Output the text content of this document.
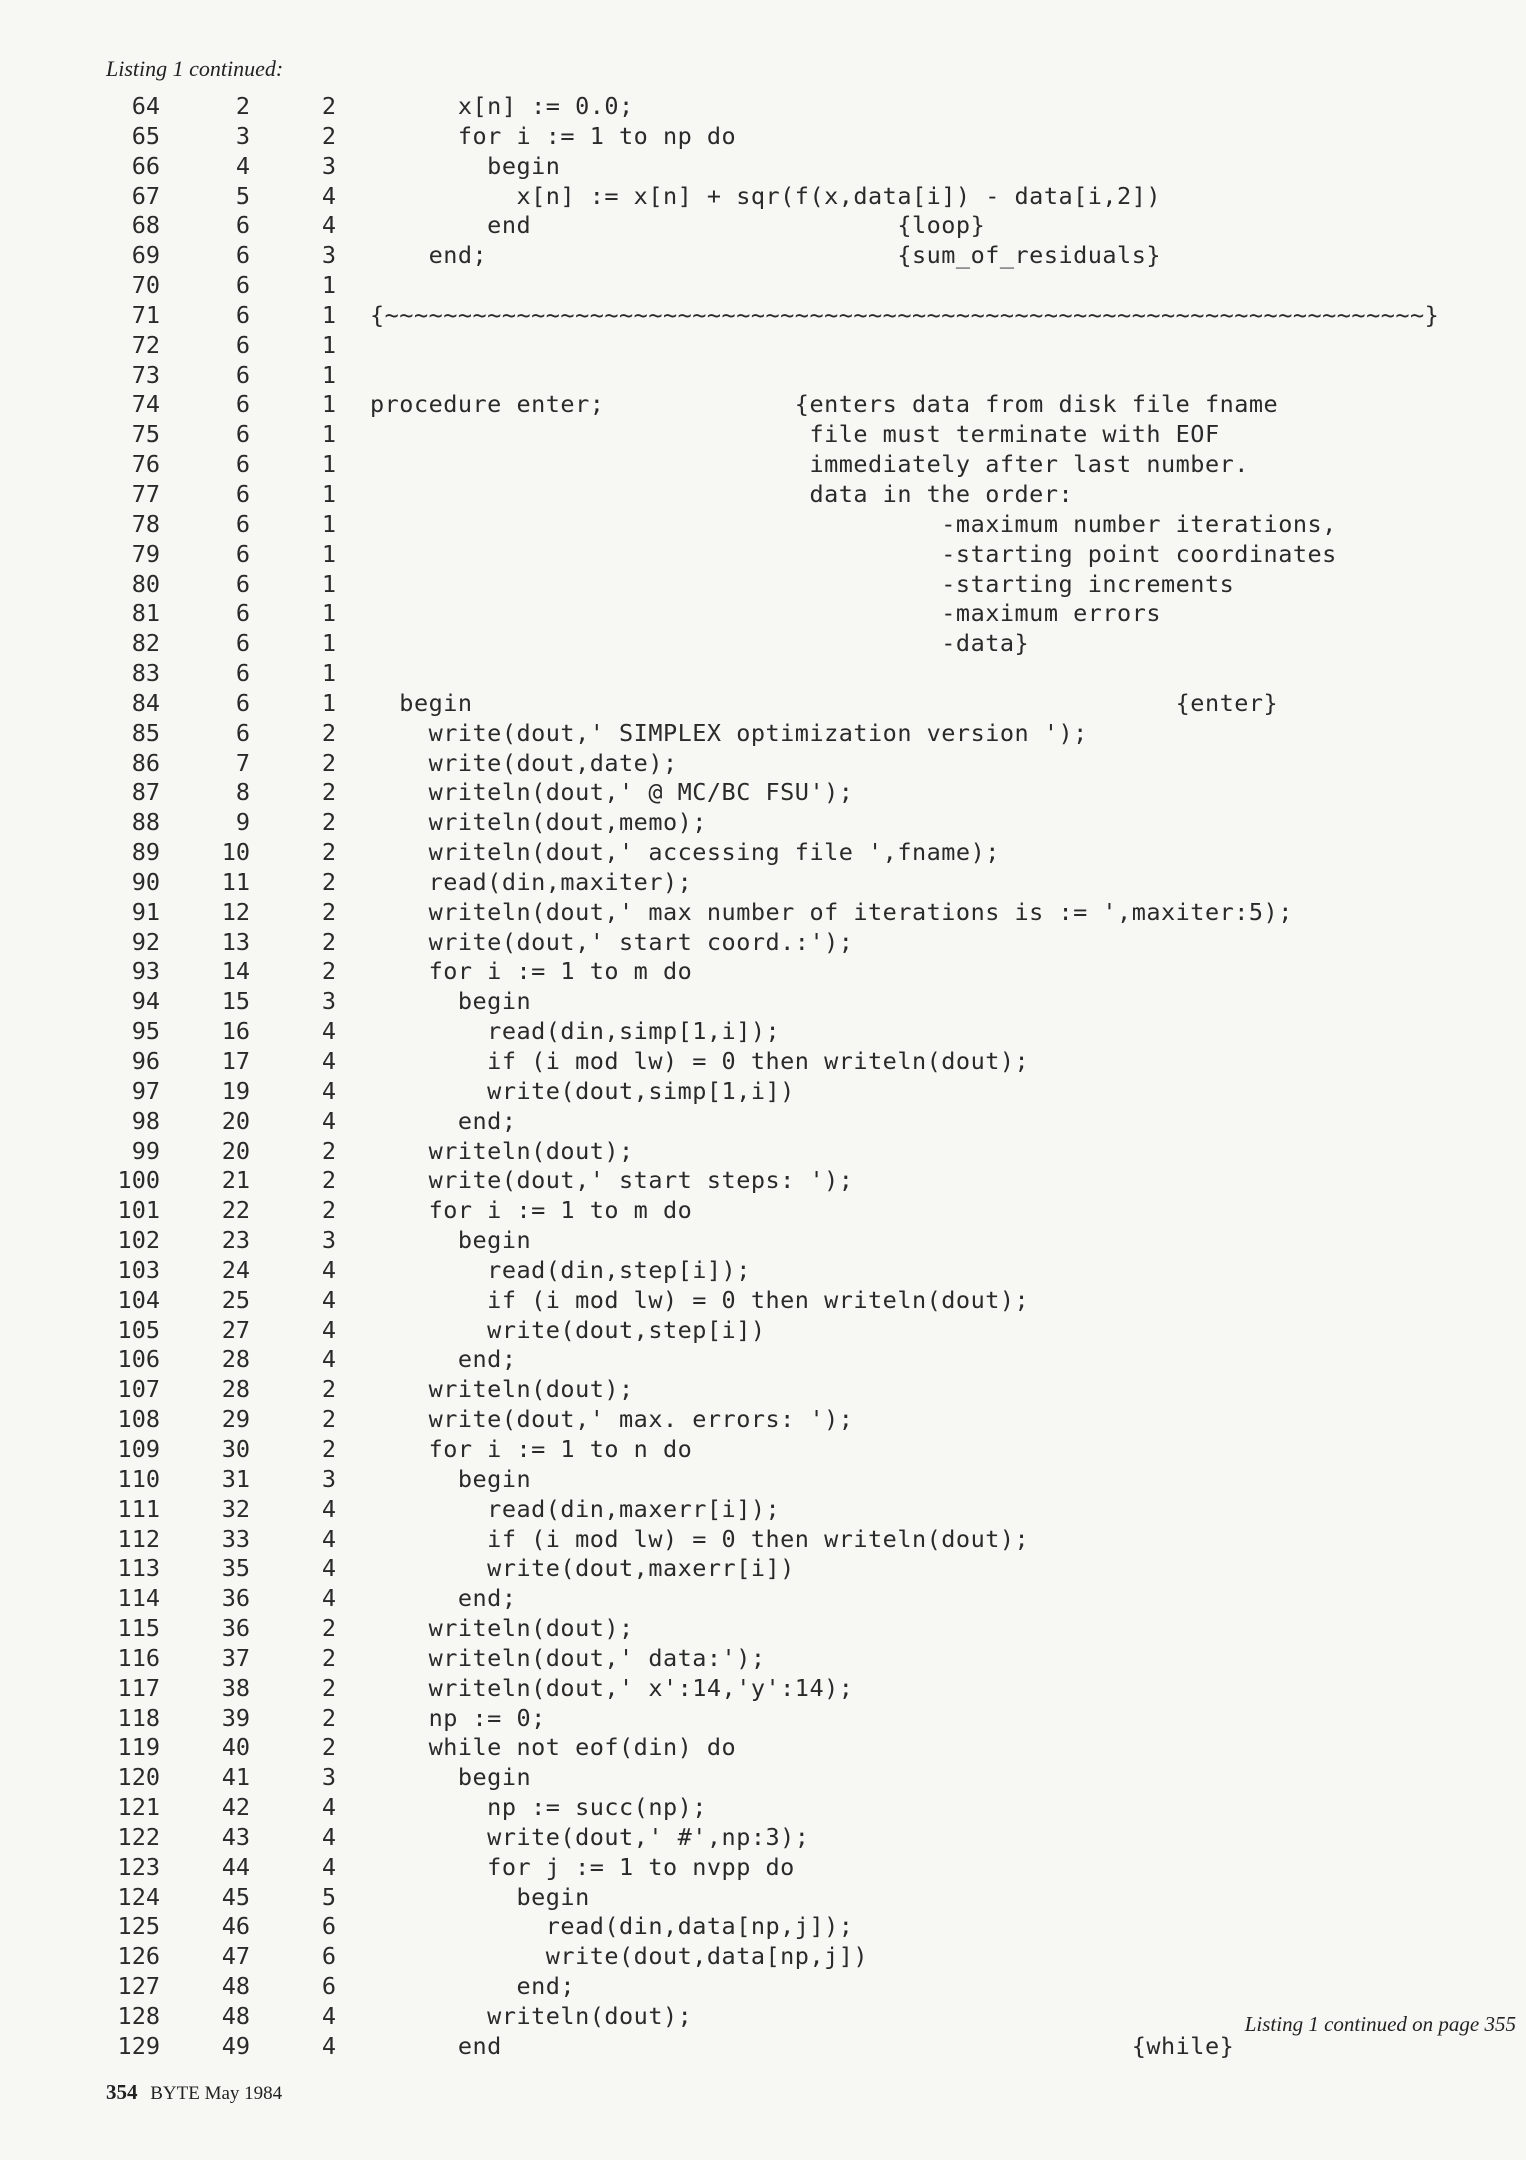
Listing 1 continued:
64	2	2 x[n] := 0.0;
65	3	2 for i := 1 to np do
66	4	3 begin
67	5	4 x[n] := x[n] + sqr(f(x,data[i]) - data[i,2])
68	6	4 end                         {loop}
69	6	3 end;                            {sum_of_residuals}
70	6	1
71	6	1 {~~~~~~~~~~~~~~~~~~~~~~~~~~~~~~~~~~~~~~~~~~~~~~~~~~~~~~~~~~~~~~~~~~~~~~~}
72	6	1
73	6	1
74	6	1 procedure enter;             {enters data from disk file fname
75	6	1 file must terminate with EOF
76	6	1 immediately after last number.
77	6	1 data in the order:
78	6	1 -maximum number iterations,
79	6	1 -starting point coordinates
80	6	1 -starting increments
81	6	1 -maximum errors
82	6	1 -data}
83	6	1
84	6	1 begin                                                {enter}
85	6	2 write(dout,' SIMPLEX optimization version ');
86	7	2 write(dout,date);
87	8	2 writeln(dout,' @ MC/BC FSU');
88	9	2 writeln(dout,memo);
89	10	2 writeln(dout,' accessing file ',fname);
90	11	2 read(din,maxiter);
91	12	2 writeln(dout,' max number of iterations is := ',maxiter:5);
92	13	2 write(dout,' start coord.:');
93	14	2 for i := 1 to m do
94	15	3 begin
95	16	4 read(din,simp[1,i]);
96	17	4 if (i mod lw) = 0 then writeln(dout);
97	19	4 write(dout,simp[1,i])
98	20	4 end;
99	20	2 writeln(dout);
100	21	2 write(dout,' start steps: ');
101	22	2 for i := 1 to m do
102	23	3 begin
103	24	4 read(din,step[i]);
104	25	4 if (i mod lw) = 0 then writeln(dout);
105	27	4 write(dout,step[i])
106	28	4 end;
107	28	2 writeln(dout);
108	29	2 write(dout,' max. errors: ');
109	30	2 for i := 1 to n do
110	31	3 begin
111	32	4 read(din,maxerr[i]);
112	33	4 if (i mod lw) = 0 then writeln(dout);
113	35	4 write(dout,maxerr[i])
114	36	4 end;
115	36	2 writeln(dout);
116	37	2 writeln(dout,' data:');
117	38	2 writeln(dout,' x':14,'y':14);
118	39	2 np := 0;
119	40	2 while not eof(din) do
120	41	3 begin
121	42	4 np := succ(np);
122	43	4 write(dout,' #',np:3);
123	44	4 for j := 1 to nvpp do
124	45	5 begin
125	46	6 read(din,data[np,j]);
126	47	6 write(dout,data[np,j])
127	48	6 end;
128	48	4 writeln(dout);
129	49	4 end                                           {while}
Listing 1 continued on page 355
354 BYTE May 1984
